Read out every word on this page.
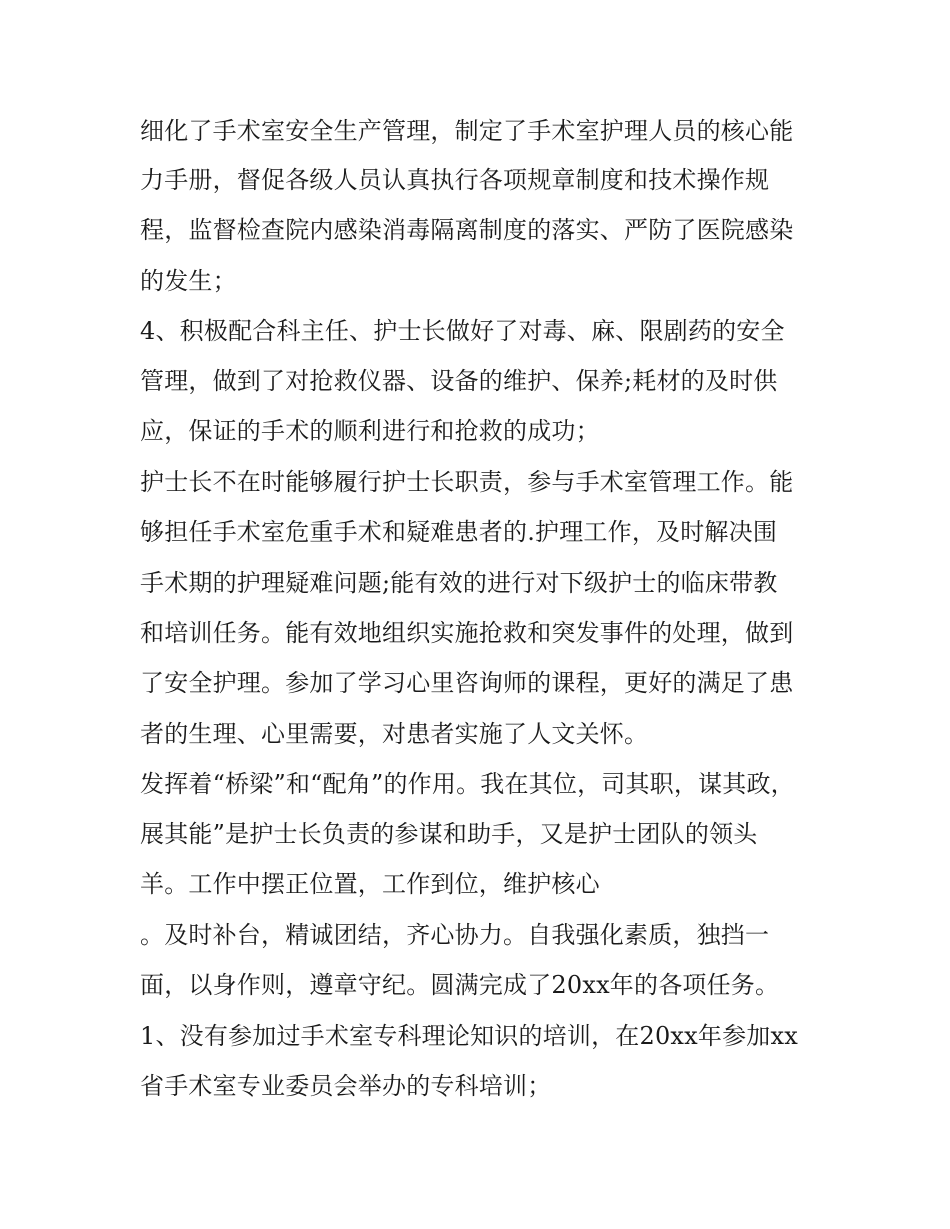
细化了手术室安全生产管理，制定了手术室护理人员的核心能
力手册，督促各级人员认真执行各项规章制度和技术操作规
程，监督检查院内感染消毒隔离制度的落实、严防了医院感染
的发生；
4、积极配合科主任、护士长做好了对毒、麻、限剧药的安全
管理，做到了对抢救仪器、设备的维护、保养;耗材的及时供
应，保证的手术的顺利进行和抢救的成功；
护士长不在时能够履行护士长职责，参与手术室管理工作。能
够担任手术室危重手术和疑难患者的.护理工作，及时解决围
手术期的护理疑难问题;能有效的进行对下级护士的临床带教
和培训任务。能有效地组织实施抢救和突发事件的处理，做到
了安全护理。参加了学习心里咨询师的课程，更好的满足了患
者的生理、心里需要，对患者实施了人文关怀。
发挥着“桥梁”和“配角”的作用。我在其位，司其职，谋其政，
展其能”是护士长负责的参谋和助手，又是护士团队的领头
羊。工作中摆正位置，工作到位，维护核心
。及时补台，精诚团结，齐心协力。自我强化素质，独挡一
面，以身作则，遵章守纪。圆满完成了20xx年的各项任务。
1、没有参加过手术室专科理论知识的培训，在20xx年参加xx
省手术室专业委员会举办的专科培训；
